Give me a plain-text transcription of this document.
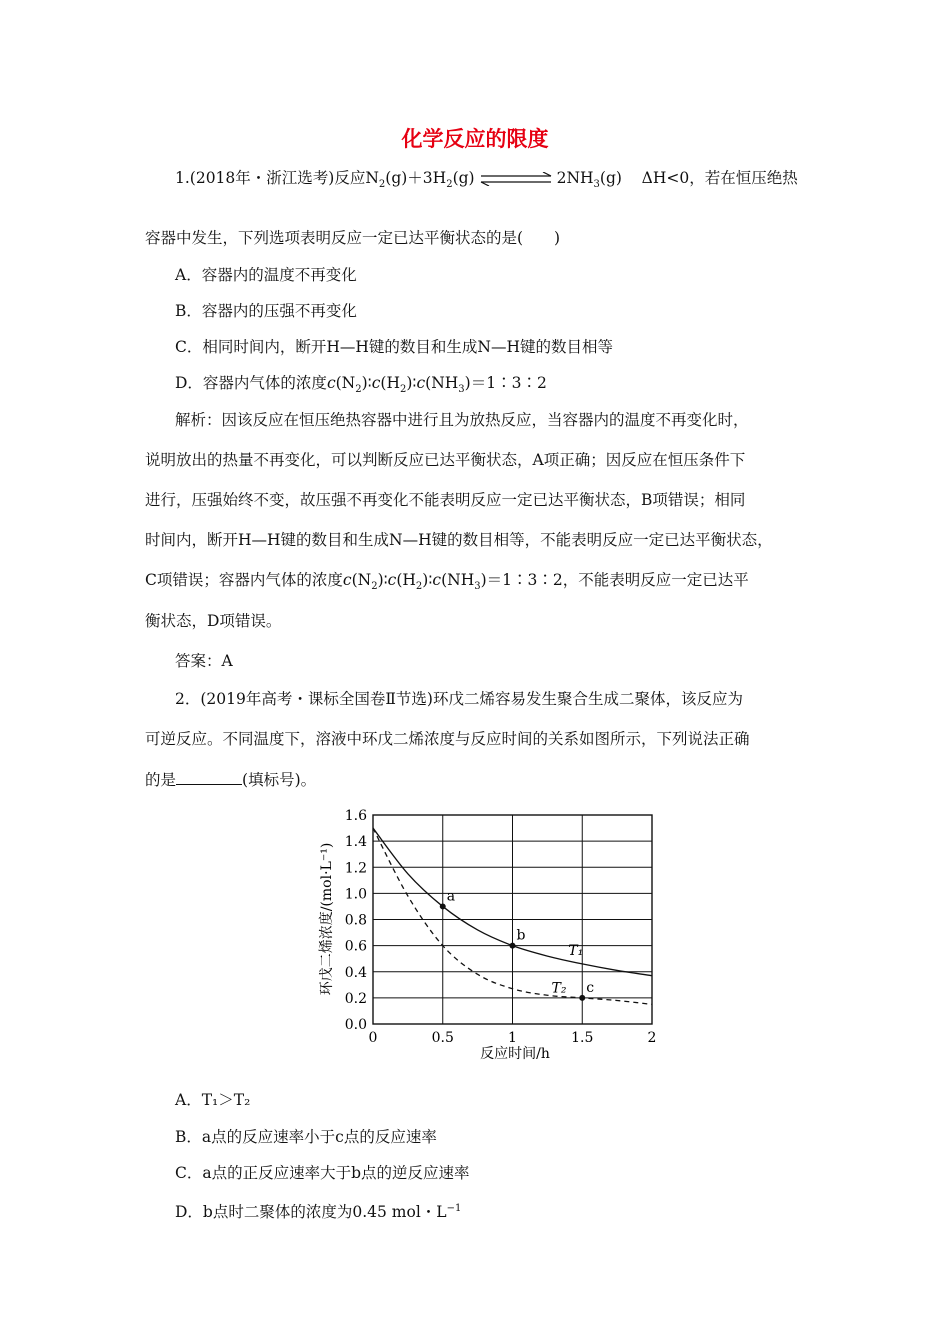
化学反应的限度
1.(2018年・浙江选考)反应$N_2(g)+3H_2(g)$	$2NH_3(g)$ ΔH<0，若在恒压绝热
容器中发生，下列选项表明反应一定已达平衡状态的是(　　)
A．容器内的温度不再变化
B．容器内的压强不再变化
C．相同时间内，断开H—H键的数目和生成N—H键的数目相等
D．容器内气体的浓度$c(N_2)∶c(H_2)∶c(NH_3)=1∶3∶2$
解析：因该反应在恒压绝热容器中进行且为放热反应，当容器内的温度不再变化时，
说明放出的热量不再变化，可以判断反应已达平衡状态，A项正确；因反应在恒压条件下
进行，压强始终不变，故压强不再变化不能表明反应一定已达平衡状态，B项错误；相同
时间内，断开H—H键的数目和生成N—H键的数目相等，不能表明反应一定已达平衡状态，
C项错误；容器内气体的浓度$c(N_2)∶c(H_2)∶c(NH_3)=1∶3∶2$，不能表明反应一定已达平
衡状态，D项错误。
答案：A
2．(2019年高考・课标全国卷Ⅱ节选)环戊二烯容易发生聚合生成二聚体，该反应为
可逆反应。不同温度下，溶液中环戊二烯浓度与反应时间的关系如图所示，下列说法正确
的是	(填标号)。
T₁
T₂
a
b
c
0.0
0.2
0.4
0.6
0.8
1.0
1.2
1.4
1.6
0	0.5	1	1.5	2
反应时间/h
环戊二烯浓度/(mol·L⁻¹)
A．T₁＞T₂
B．a点的反应速率小于c点的反应速率
C．a点的正反应速率大于b点的逆反应速率
D．b点时二聚体的浓度为0.45 mol・$L^{-1}$
